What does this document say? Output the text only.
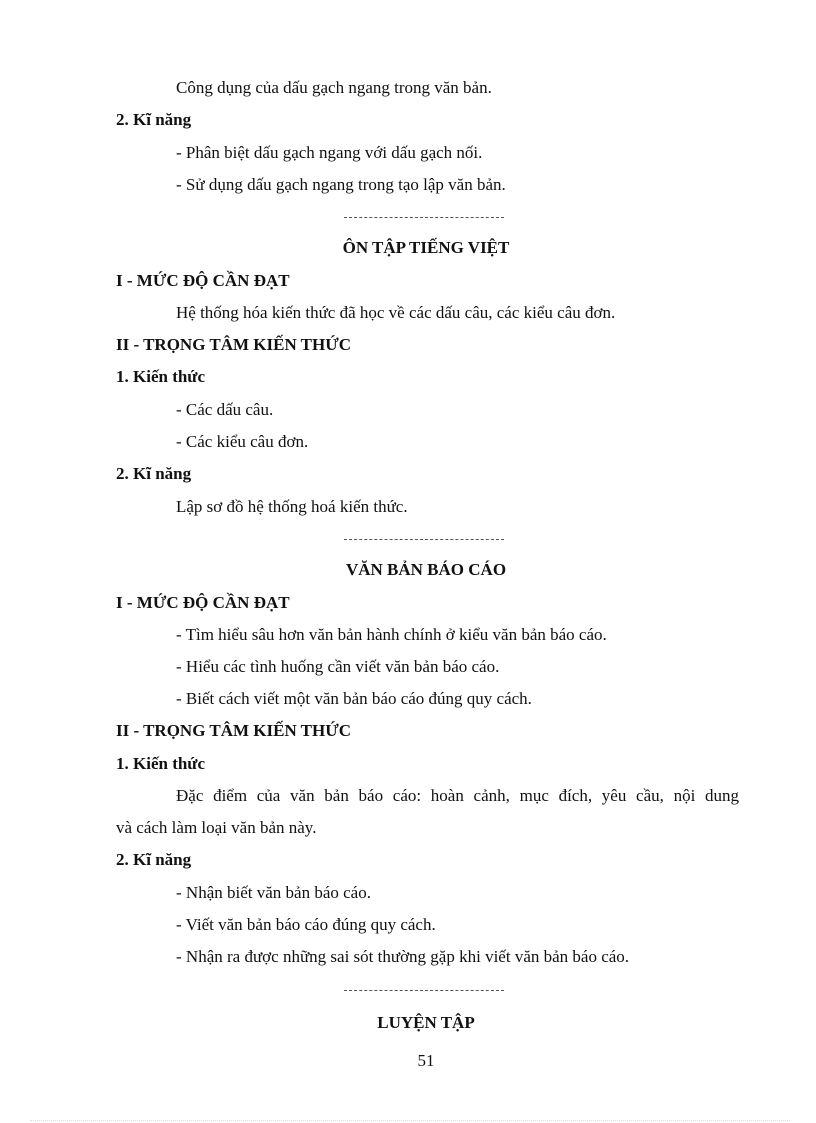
Công dụng của dấu gạch ngang trong văn bản.
2. Kĩ năng
- Phân biệt dấu gạch ngang với dấu gạch nối.
- Sử dụng dấu gạch ngang trong tạo lập văn bản.
ÔN TẬP TIẾNG VIỆT
I - MỨC ĐỘ CẦN ĐẠT
Hệ thống hóa kiến thức đã học về các dấu câu, các kiểu câu đơn.
II - TRỌNG TÂM KIẾN THỨC
1. Kiến thức
- Các dấu câu.
- Các kiểu câu đơn.
2. Kĩ năng
Lập sơ đồ hệ thống hoá kiến thức.
VĂN BẢN BÁO CÁO
I - MỨC ĐỘ CẦN ĐẠT
- Tìm hiểu sâu hơn văn bản hành chính ở kiểu văn bản báo cáo.
- Hiểu các tình huống cần viết văn bản báo cáo.
- Biết cách viết một văn bản báo cáo đúng quy cách.
II - TRỌNG TÂM KIẾN THỨC
1. Kiến thức
Đặc điểm của văn bản báo cáo: hoàn cảnh, mục đích, yêu cầu, nội dung
và cách làm loại văn bản này.
2. Kĩ năng
- Nhận biết văn bản báo cáo.
- Viết văn bản báo cáo đúng quy cách.
- Nhận ra được những sai sót thường gặp khi viết văn bản báo cáo.
LUYỆN TẬP
51
